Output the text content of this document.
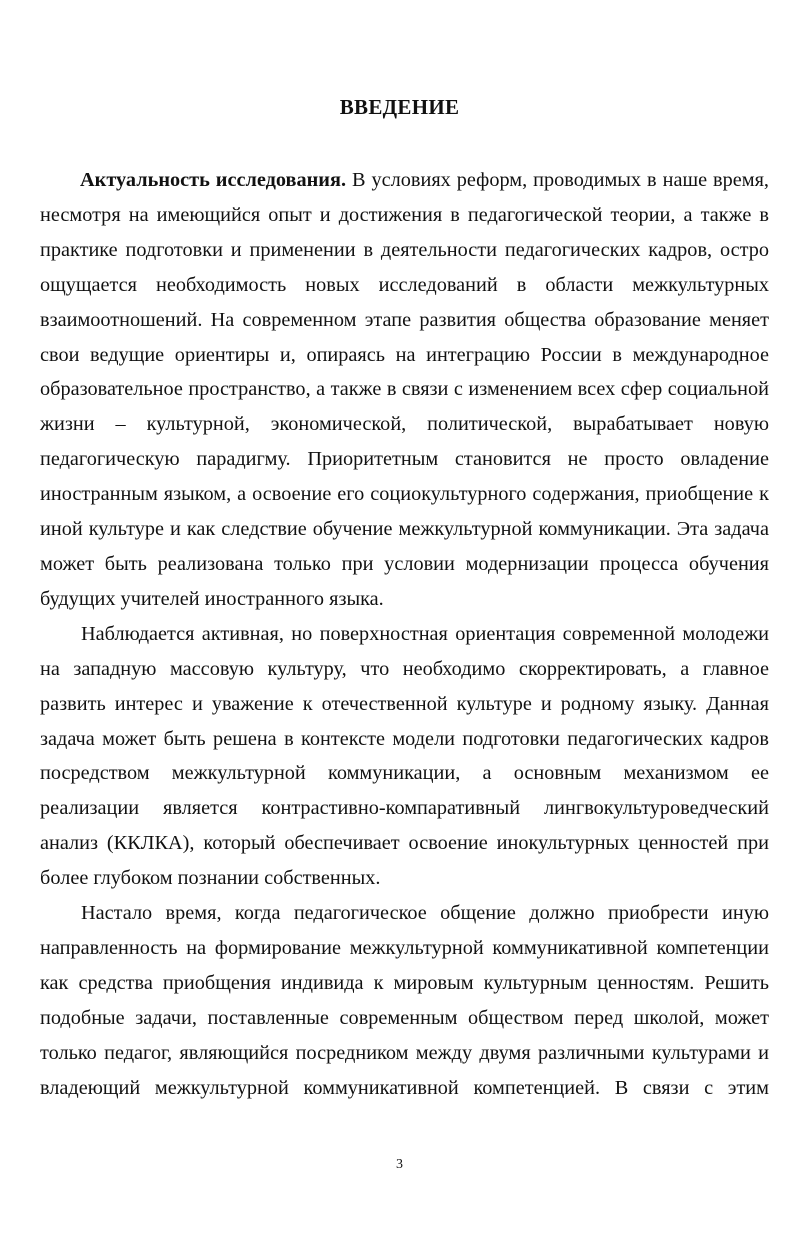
ВВЕДЕНИЕ

Актуальность исследования. В условиях реформ, проводимых в наше время, несмотря на имеющийся опыт и достижения в педагогической теории, а также в практике подготовки и применении в деятельности педагогических кадров, остро ощущается необходимость новых исследований в области межкультурных взаимоотношений. На современном этапе развития общества образование меняет свои ведущие ориентиры и, опираясь на интеграцию России в международное образовательное пространство, а также в связи с изменением всех сфер социальной жизни – культурной, экономической, политической, вырабатывает новую педагогическую парадигму. Приоритетным становится не просто овладение иностранным языком, а освоение его социокультурного содержания, приобщение к иной культуре и как следствие обучение межкультурной коммуникации. Эта задача может быть реализована только при условии модернизации процесса обучения будущих учителей иностранного языка.

Наблюдается активная, но поверхностная ориентация современной молодежи на западную массовую культуру, что необходимо скорректировать, а главное развить интерес и уважение к отечественной культуре и родному языку. Данная задача может быть решена в контексте модели подготовки педагогических кадров посредством межкультурной коммуникации, а основным механизмом ее реализации является контрастивно-компаративный лингвокультуроведческий анализ (ККЛКА), который обеспечивает освоение инокультурных ценностей при более глубоком познании собственных.

Настало время, когда педагогическое общение должно приобрести иную направленность на формирование межкультурной коммуникативной компетенции как средства приобщения индивида к мировым культурным ценностям. Решить подобные задачи, поставленные современным обществом перед школой, может только педагог, являющийся посредником между двумя различными культурами и владеющий межкультурной коммуникативной компетенцией. В связи с этим

3
